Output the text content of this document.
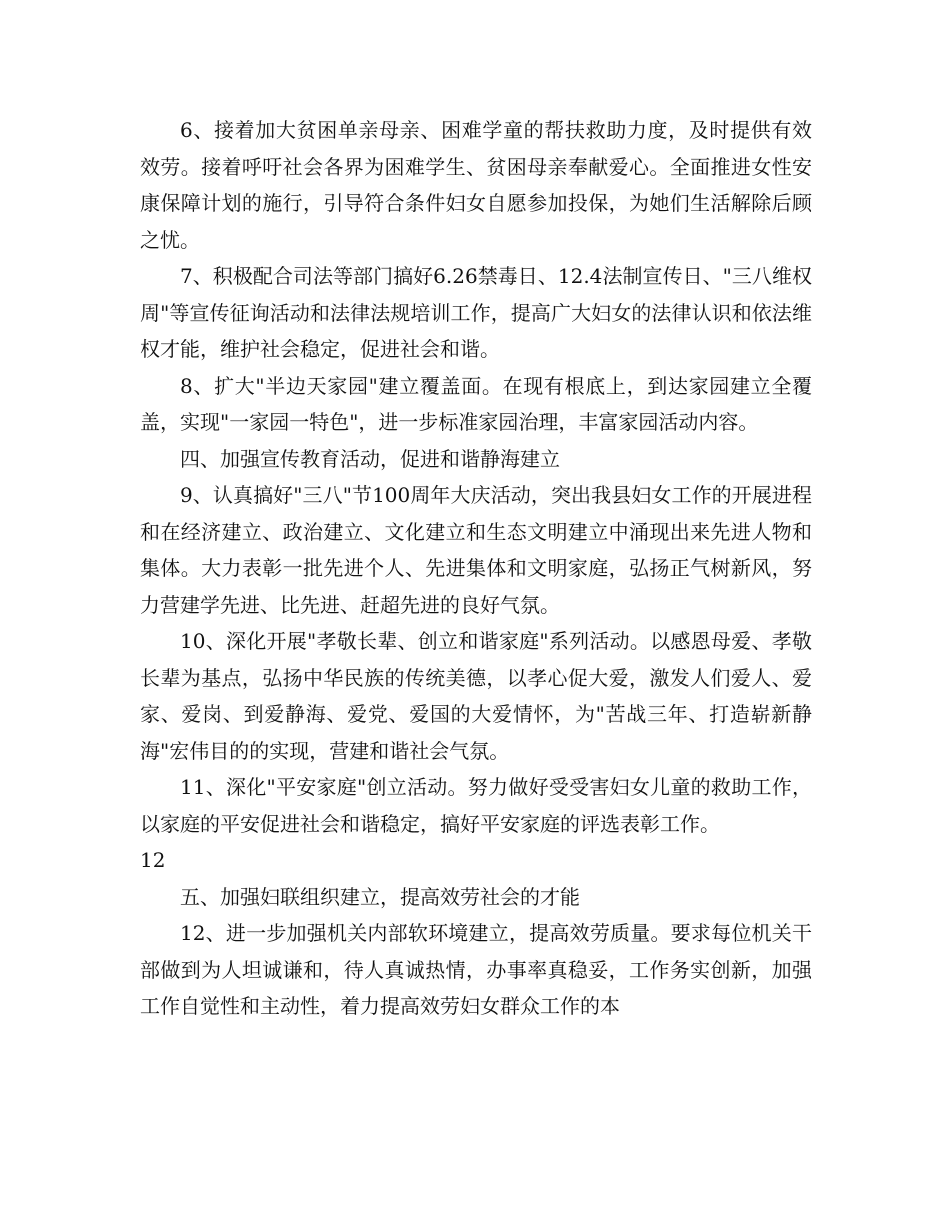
6、接着加大贫困单亲母亲、困难学童的帮扶救助力度，及时提供有效效劳。接着呼吁社会各界为困难学生、贫困母亲奉献爱心。全面推进女性安康保障计划的施行，引导符合条件妇女自愿参加投保，为她们生活解除后顾之忧。

7、积极配合司法等部门搞好6.26禁毒日、12.4法制宣传日、"三八维权周"等宣传征询活动和法律法规培训工作，提高广大妇女的法律认识和依法维权才能，维护社会稳定，促进社会和谐。

8、扩大"半边天家园"建立覆盖面。在现有根底上，到达家园建立全覆盖，实现"一家园一特色"，进一步标准家园治理，丰富家园活动内容。

四、加强宣传教育活动，促进和谐静海建立

9、认真搞好"三八"节100周年大庆活动，突出我县妇女工作的开展进程和在经济建立、政治建立、文化建立和生态文明建立中涌现出来先进人物和集体。大力表彰一批先进个人、先进集体和文明家庭，弘扬正气树新风，努力营建学先进、比先进、赶超先进的良好气氛。

10、深化开展"孝敬长辈、创立和谐家庭"系列活动。以感恩母爱、孝敬长辈为基点，弘扬中华民族的传统美德，以孝心促大爱，激发人们爱人、爱家、爱岗、到爱静海、爱党、爱国的大爱情怀，为"苦战三年、打造崭新静海"宏伟目的的实现，营建和谐社会气氛。

11、深化"平安家庭"创立活动。努力做好受受害妇女儿童的救助工作，以家庭的平安促进社会和谐稳定，搞好平安家庭的评选表彰工作。

12

五、加强妇联组织建立，提高效劳社会的才能

12、进一步加强机关内部软环境建立，提高效劳质量。要求每位机关干部做到为人坦诚谦和，待人真诚热情，办事率真稳妥，工作务实创新，加强工作自觉性和主动性，着力提高效劳妇女群众工作的本
